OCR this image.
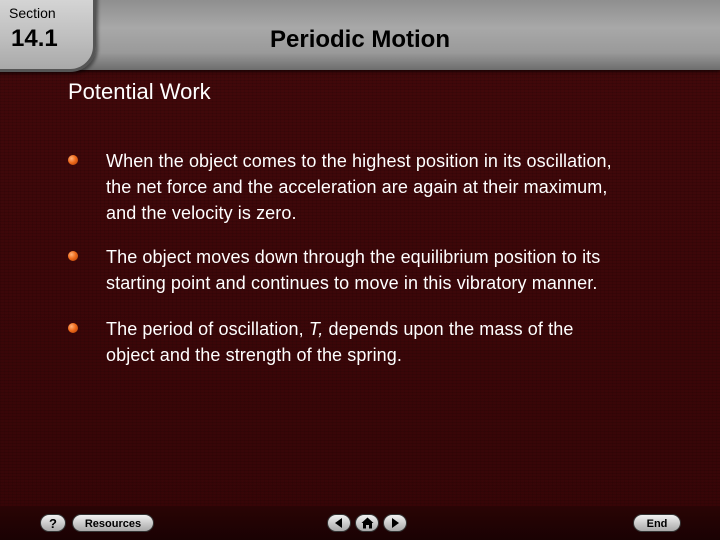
Periodic Motion
Section
14.1
Potential Work
When the object comes to the highest position in its oscillation,
the net force and the acceleration are again at their maximum,
and the velocity is zero.
The object moves down through the equilibrium position to its
starting point and continues to move in this vibratory manner.
The period of oscillation, T, depends upon the mass of the
object and the strength of the spring.
?	Resources	End
